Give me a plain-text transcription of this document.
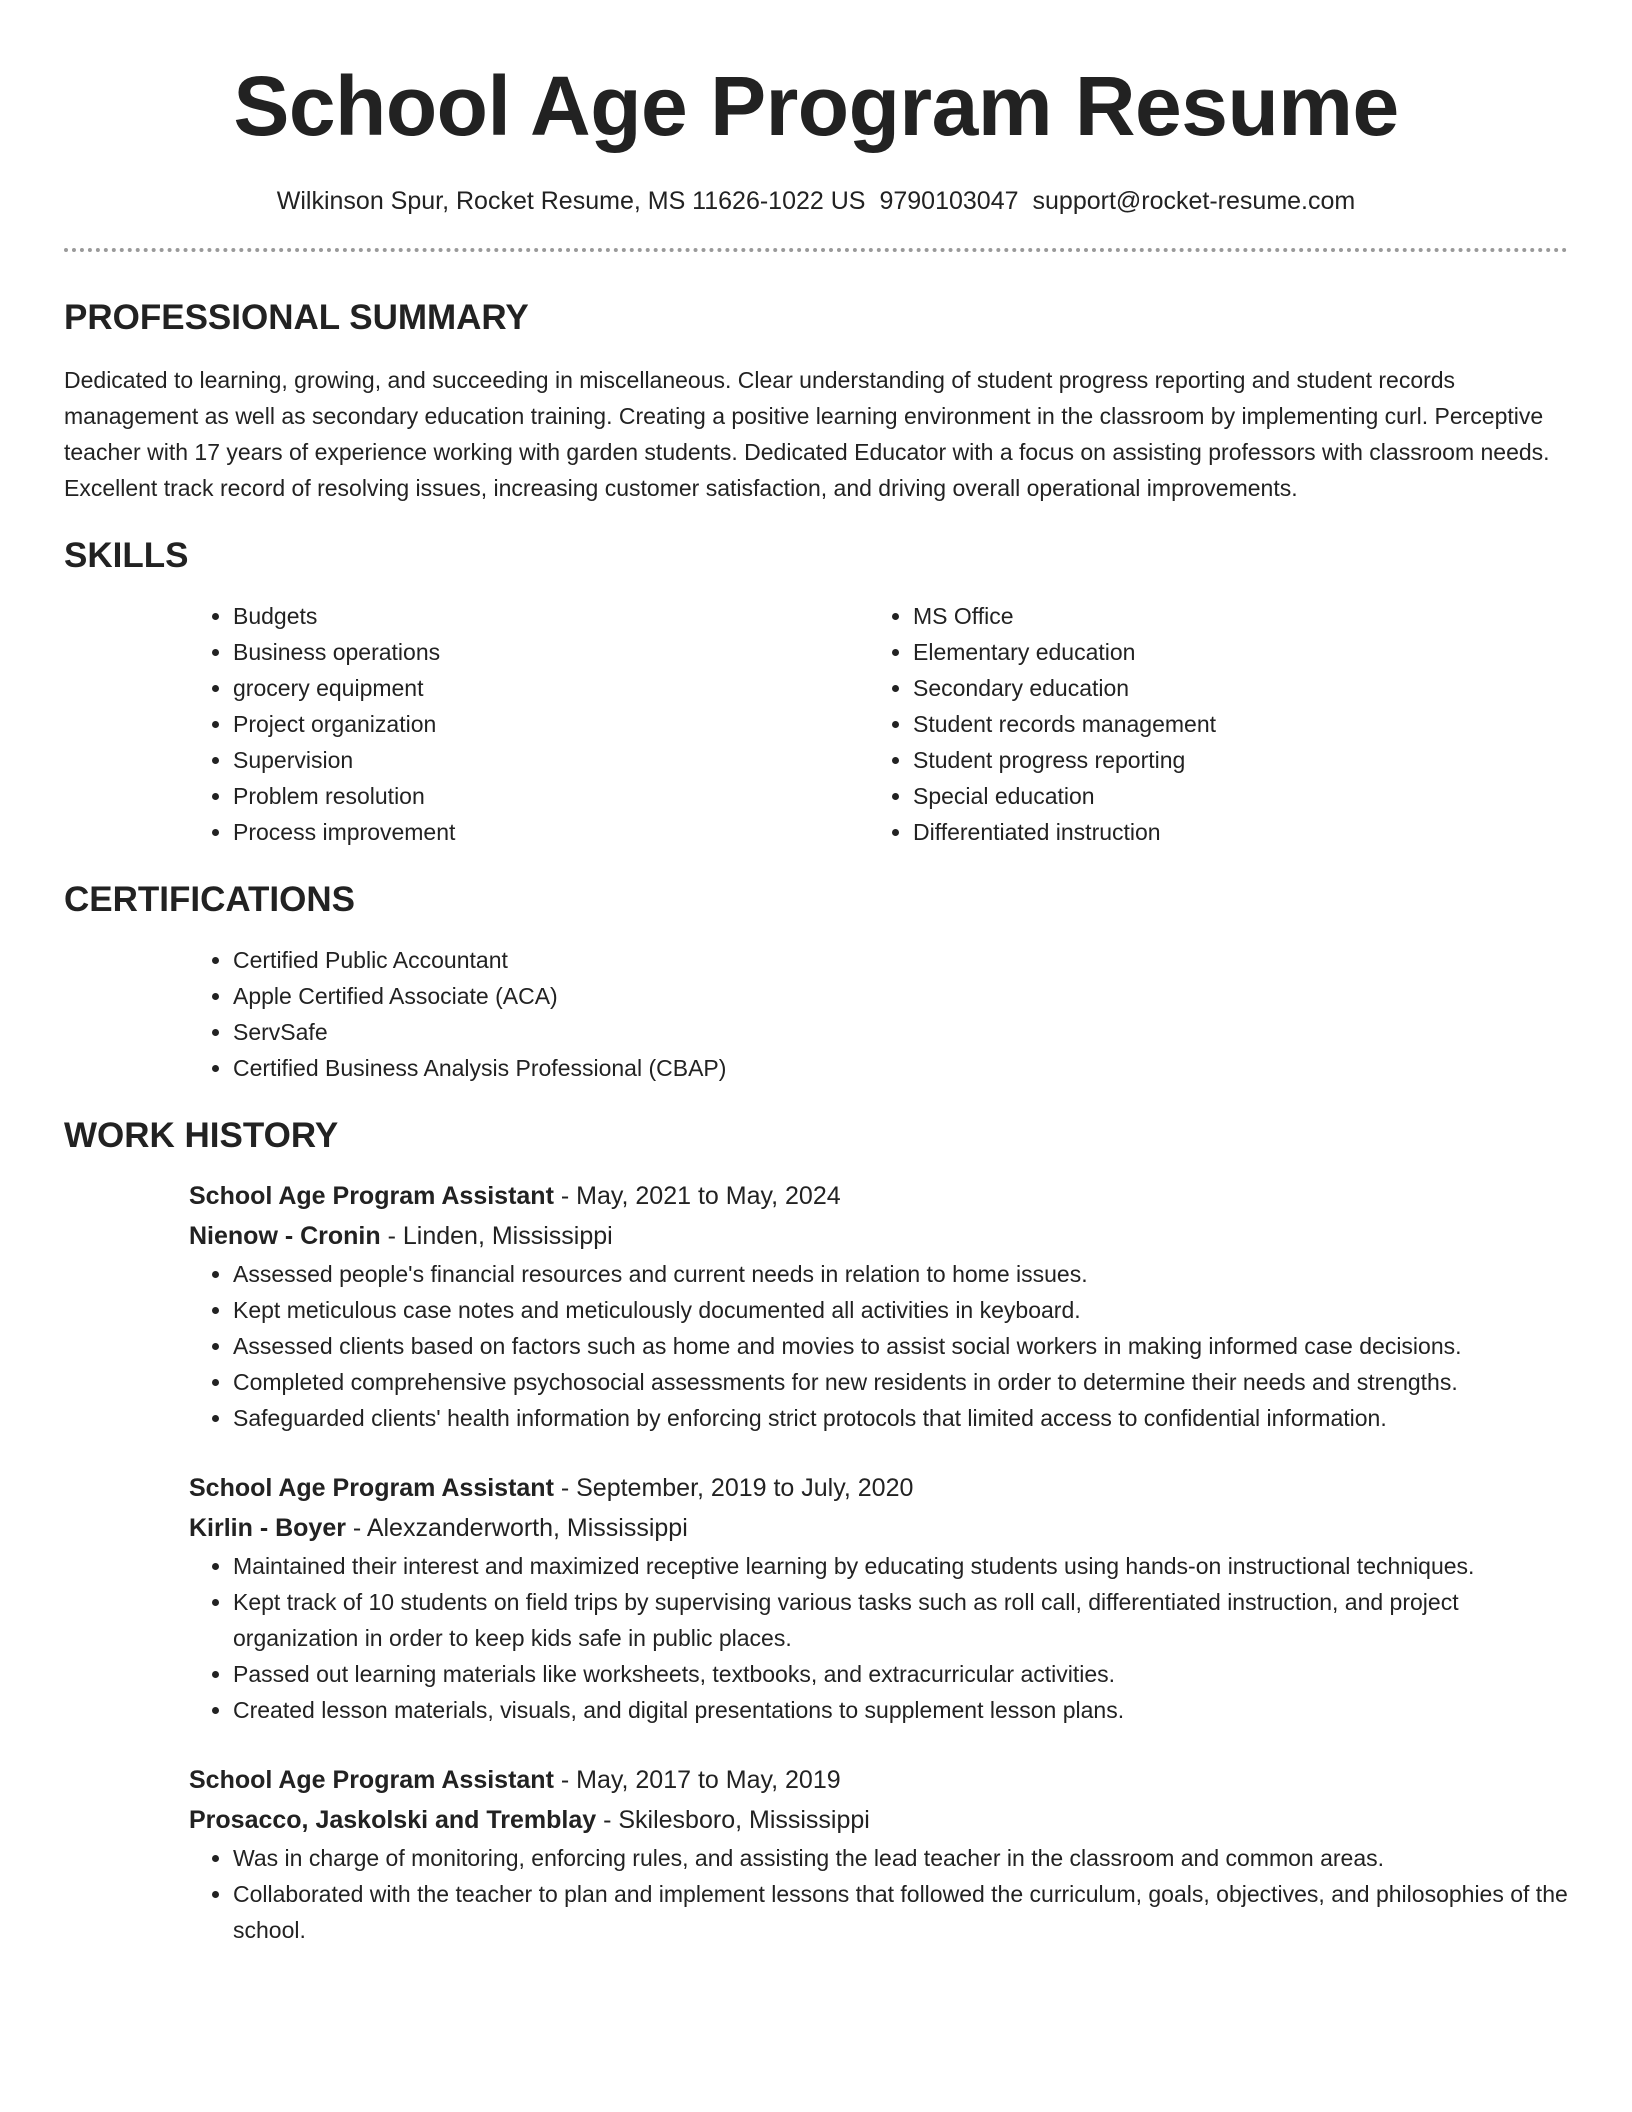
School Age Program Resume
Wilkinson Spur, Rocket Resume, MS 11626-1022 US 9790103047 support@rocket-resume.com
PROFESSIONAL SUMMARY

Dedicated to learning, growing, and succeeding in miscellaneous. Clear understanding of student progress reporting and student records management as well as secondary education training. Creating a positive learning environment in the classroom by implementing curl. Perceptive teacher with 17 years of experience working with garden students. Dedicated Educator with a focus on assisting professors with classroom needs. Excellent track record of resolving issues, increasing customer satisfaction, and driving overall operational improvements.

SKILLS
• Budgets
• Business operations
• grocery equipment
• Project organization
• Supervision
• Problem resolution
• Process improvement
• MS Office
• Elementary education
• Secondary education
• Student records management
• Student progress reporting
• Special education
• Differentiated instruction
CERTIFICATIONS
• Certified Public Accountant
• Apple Certified Associate (ACA)
• ServSafe
• Certified Business Analysis Professional (CBAP)
WORK HISTORY

School Age Program Assistant - May, 2021 to May, 2024

Nienow - Cronin - Linden, Mississippi

• Assessed people's financial resources and current needs in relation to home issues.
• Kept meticulous case notes and meticulously documented all activities in keyboard.
• Assessed clients based on factors such as home and movies to assist social workers in making informed case decisions.
• Completed comprehensive psychosocial assessments for new residents in order to determine their needs and strengths.
• Safeguarded clients' health information by enforcing strict protocols that limited access to confidential information.

School Age Program Assistant - September, 2019 to July, 2020

Kirlin - Boyer - Alexzanderworth, Mississippi

• Maintained their interest and maximized receptive learning by educating students using hands-on instructional techniques.
• Kept track of 10 students on field trips by supervising various tasks such as roll call, differentiated instruction, and project organization in order to keep kids safe in public places.
• Passed out learning materials like worksheets, textbooks, and extracurricular activities.
• Created lesson materials, visuals, and digital presentations to supplement lesson plans.

School Age Program Assistant - May, 2017 to May, 2019

Prosacco, Jaskolski and Tremblay - Skilesboro, Mississippi

• Was in charge of monitoring, enforcing rules, and assisting the lead teacher in the classroom and common areas.
• Collaborated with the teacher to plan and implement lessons that followed the curriculum, goals, objectives, and philosophies of the school.
